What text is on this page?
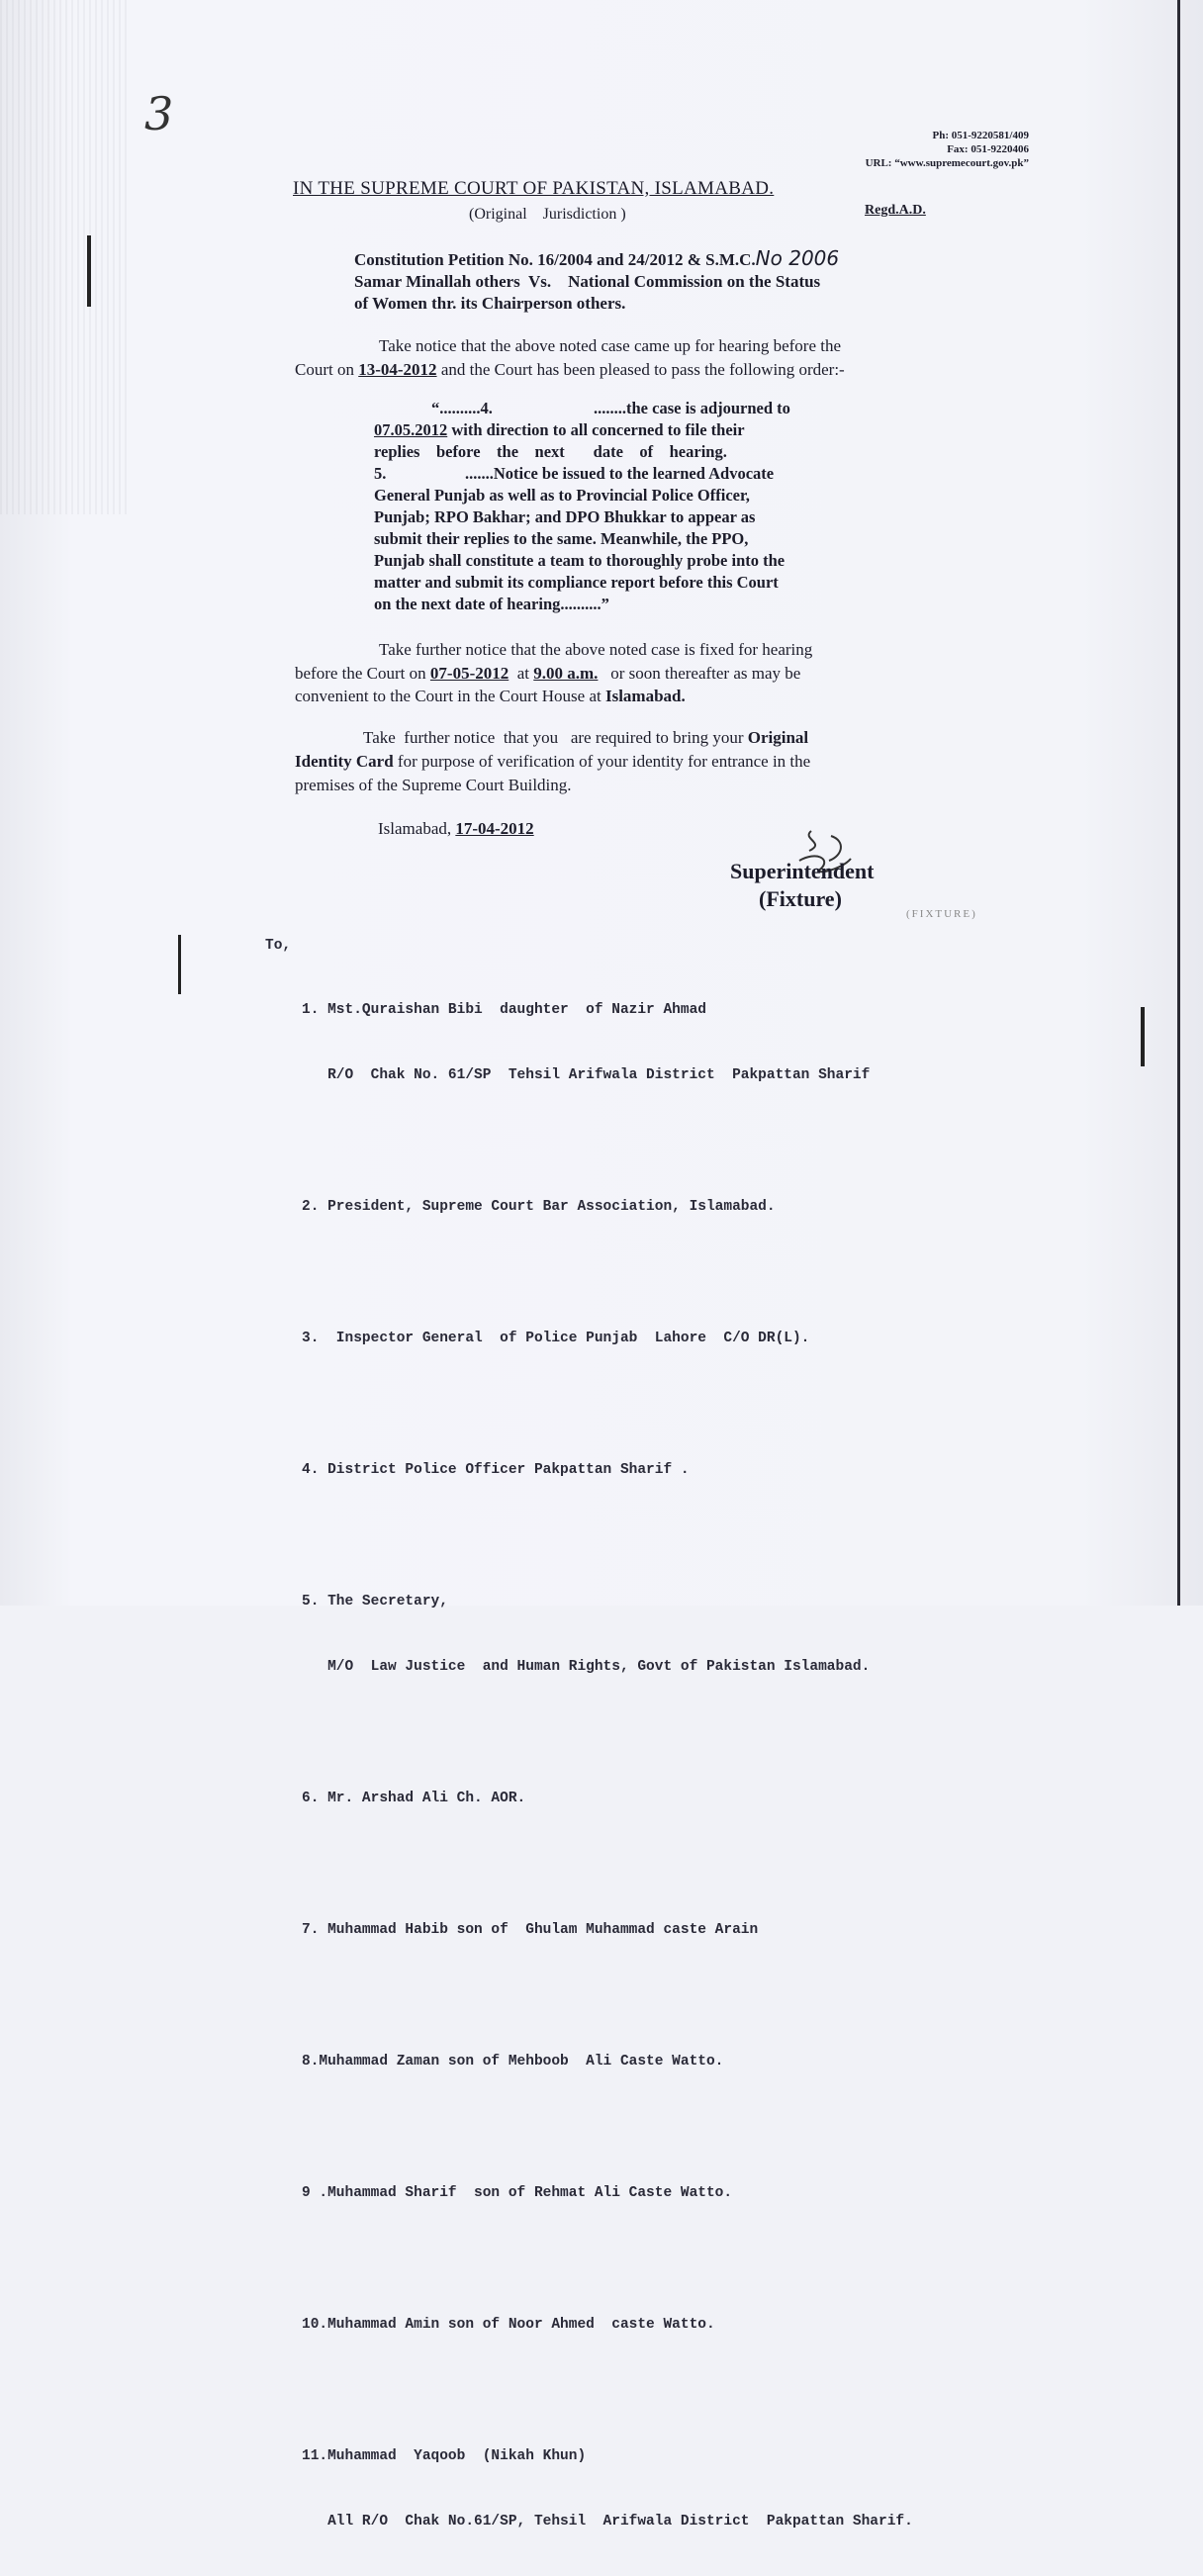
3	Ph: 051-9220581/409
Fax: 051-9220406
URL: “www.supremecourt.gov.pk”
IN THE SUPREME COURT OF PAKISTAN, ISLAMABAD.
(Original    Jurisdiction )	Regd.A.D.
Constitution Petition No. 16/2004 and 24/2012 & S.M.C.No 2006
Samar Minallah others  Vs.    National Commission on the Status
of Women thr. its Chairperson others.
Take notice that the above noted case came up for hearing before the
Court on 13-04-2012 and the Court has been pleased to pass the following order:-
“..........4.	........the case is adjourned to
07.05.2012 with direction to all concerned to file their
replies    before    the    next       date    of    hearing.
5.	.......Notice be issued to the learned Advocate
General Punjab as well as to Provincial Police Officer,
Punjab; RPO Bakhar; and DPO Bhukkar to appear as
submit their replies to the same. Meanwhile, the PPO,
Punjab shall constitute a team to thoroughly probe into the
matter and submit its compliance report before this Court
on the next date of hearing..........”
Take further notice that the above noted case is fixed for hearing
before the Court on 07-05-2012  at 9.00 a.m.   or soon thereafter as may be
convenient to the Court in the Court House at Islamabad.
Take  further notice  that you   are required to bring your Original
Identity Card for purpose of verification of your identity for entrance in the
premises of the Supreme Court Building.
Islamabad, 17-04-2012
Superintendent
(Fixture)
(FIXTURE)
To,

1. Mst.Quraishan Bibi  daughter  of Nazir Ahmad

R/O  Chak No. 61/SP  Tehsil Arifwala District  Pakpattan Sharif

2. President, Supreme Court Bar Association, Islamabad.

3.  Inspector General  of Police Punjab  Lahore  C/O DR(L).

4. District Police Officer Pakpattan Sharif .

5. The Secretary,

M/O  Law Justice  and Human Rights, Govt of Pakistan Islamabad.

6. Mr. Arshad Ali Ch. AOR.

7. Muhammad Habib son of  Ghulam Muhammad caste Arain

8.Muhammad Zaman son of Mehboob  Ali Caste Watto.

9 .Muhammad Sharif  son of Rehmat Ali Caste Watto.

10.Muhammad Amin son of Noor Ahmed  caste Watto.

11.Muhammad  Yaqoob  (Nikah Khun)

All R/O  Chak No.61/SP, Tehsil  Arifwala District  Pakpattan Sharif.
